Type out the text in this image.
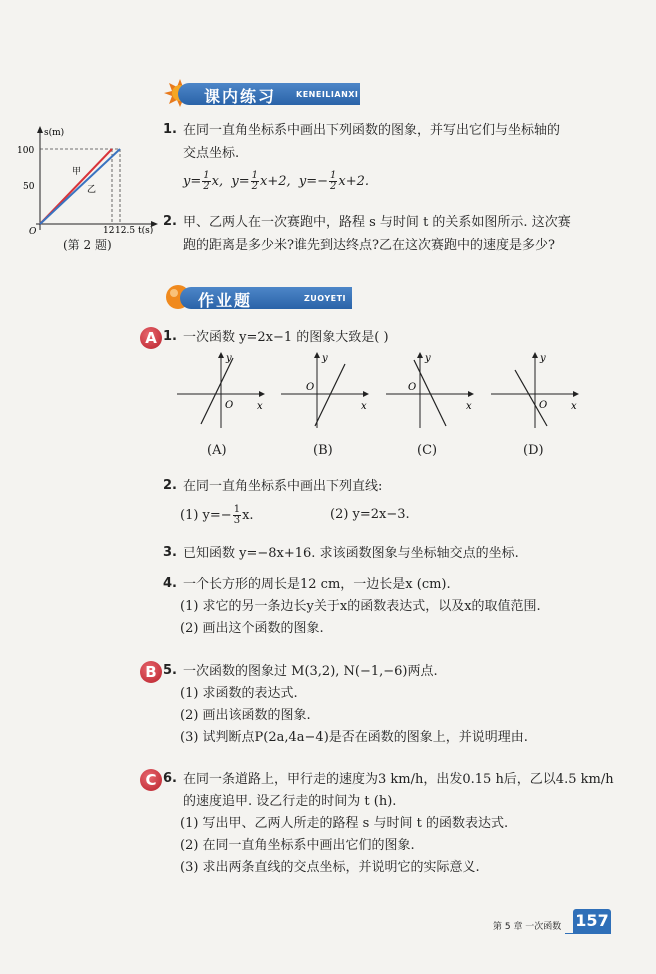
课内练习 KENEILIANXI
s(m)
100
50
O	12 12.5 t(s)
甲
乙
(第 2 题)
1. 在同一直角坐标系中画出下列函数的图象，并写出它们与坐标轴的
交点坐标.
$y= \frac{1}{2} x$, $y= \frac{1}{2} x+2$, $y=- \frac{1}{2} x+2$.
2. 甲、乙两人在一次赛跑中，路程 s 与时间 t 的关系如图所示. 这次赛
跑的距离是多少米?谁先到达终点?乙在这次赛跑中的速度是多少?
作业题	ZUOYETI
A 1. 一次函数 y=2x−1 的图象大致是( )
y
O x
(A)
y
O
x
(B)
y
O
x
(C)
y
O x
(D)
2. 在同一直角坐标系中画出下列直线:
(1) $y=- \frac{1}{3} x$.	(2) y=2x−3.
3. 已知函数 y=−8x+16. 求该函数图象与坐标轴交点的坐标.
4. 一个长方形的周长是12 cm，一边长是x (cm).
(1) 求它的另一条边长y关于x的函数表达式，以及x的取值范围.
(2) 画出这个函数的图象.
B 5. 一次函数的图象过 M(3,2), N(−1,−6)两点.
(1) 求函数的表达式.
(2) 画出该函数的图象.
(3) 试判断点P(2a,4a−4)是否在函数的图象上，并说明理由.
C 6. 在同一条道路上，甲行走的速度为3 km/h，出发0.15 h后，乙以4.5 km/h
的速度追甲. 设乙行走的时间为 t (h).
(1) 写出甲、乙两人所走的路程 s 与时间 t 的函数表达式.
(2) 在同一直角坐标系中画出它们的图象.
(3) 求出两条直线的交点坐标，并说明它的实际意义.
第 5 章 一次函数 157
